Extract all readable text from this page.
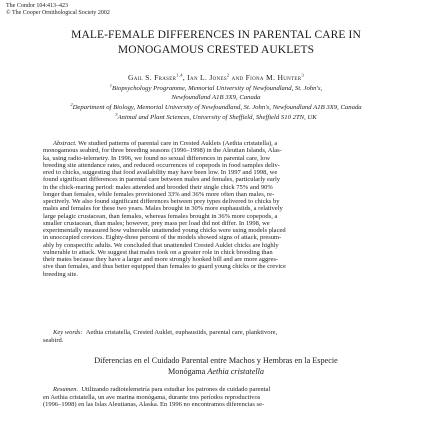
The Condor 104:413–423
© The Cooper Ornithological Society 2002
MALE-FEMALE DIFFERENCES IN PARENTAL CARE IN
MONOGAMOUS CRESTED AUKLETS
Gail S. Fraser$^{1,4}$, Ian L. Jones$^2$ and Fiona M. Hunter$^3$
$^1$Biopsychology Programme, Memorial University of Newfoundland, St. John's,
Newfoundland A1B 3X9, Canada
$^2$Department of Biology, Memorial University of Newfoundland, St. John's, Newfoundland A1B 3X9, Canada
$^3$Animal and Plant Sciences, University of Sheffield, Sheffield S10 2TN, UK
Abstract. We studied patterns of parental care in Crested Auklets (Aethia cristatella), a
monogamous seabird, for three breeding seasons (1996–1998) in the Aleutian Islands, Alas-
ka, using radio-telemetry. In 1996, we found no sexual differences in parental care, low
breeding site attendance rates, and reduced occurrences of copepods in food samples deliv-
ered to chicks, suggesting that food availability may have been low. In 1997 and 1998, we
found significant differences in parental care between males and females, particularly early
in the chick-rearing period: males attended and brooded their single chick 75% and 90%
longer than females, while females provisioned 33% and 36% more often than males, re-
spectively. We also found significant differences between prey types delivered to chicks by
males and females for these two years. Males brought in 30% more euphausiids, a relatively
large pelagic crustacean, than females, whereas females brought in 36% more copepods, a
smaller crustacean, than males; however, prey mass per load did not differ. In 1998, we
experimentally measured how vulnerable unattended young chicks were using models placed
in unoccupied crevices. Eighty-three percent of the models showed signs of attack, presum-
ably by conspecific adults. We concluded that unattended Crested Auklet chicks are highly
vulnerable to attack. We suggest that males took on a greater role in chick brooding than
their mates because they have a larger and more strongly hooked bill and are more aggres-
sive than females, and thus better equipped than females to guard young chicks or the crevice
breeding site.
Key words: Aethia cristatella, Crested Auklet, euphausiids, parental care, planktivore,
seabird.
Diferencias en el Cuidado Parental entre Machos y Hembras en la Especie
Monógama Aethia cristatella
Resumen. Utilizando radiotelemetría para estudiar los patrones de cuidado parental
en Aethia cristatella, un ave marina monógama, durante tres períodos reproductivos
(1996–1998) en las Islas Aleutianas, Alaska. En 1996 no encontramos diferencias se-
